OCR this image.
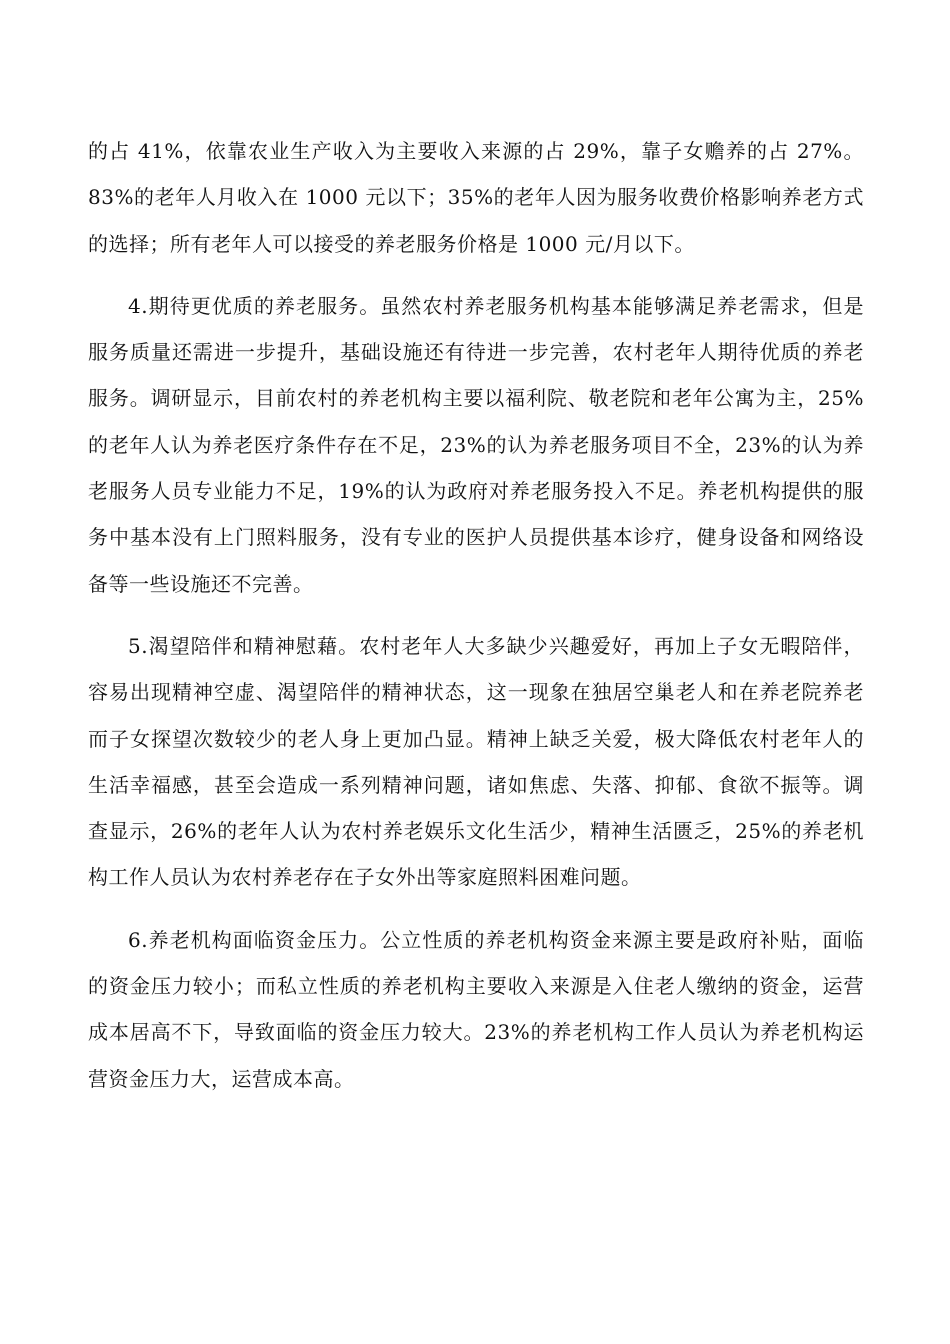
的占 41%，依靠农业生产收入为主要收入来源的占 29%，靠子女赡养的占 27%。83%的老年人月收入在 1000 元以下；35%的老年人因为服务收费价格影响养老方式的选择；所有老年人可以接受的养老服务价格是 1000 元/月以下。

4.期待更优质的养老服务。虽然农村养老服务机构基本能够满足养老需求，但是服务质量还需进一步提升，基础设施还有待进一步完善，农村老年人期待优质的养老服务。调研显示，目前农村的养老机构主要以福利院、敬老院和老年公寓为主，25%的老年人认为养老医疗条件存在不足，23%的认为养老服务项目不全，23%的认为养老服务人员专业能力不足，19%的认为政府对养老服务投入不足。养老机构提供的服务中基本没有上门照料服务，没有专业的医护人员提供基本诊疗，健身设备和网络设备等一些设施还不完善。

5.渴望陪伴和精神慰藉。农村老年人大多缺少兴趣爱好，再加上子女无暇陪伴，容易出现精神空虚、渴望陪伴的精神状态，这一现象在独居空巢老人和在养老院养老而子女探望次数较少的老人身上更加凸显。精神上缺乏关爱，极大降低农村老年人的生活幸福感，甚至会造成一系列精神问题，诸如焦虑、失落、抑郁、食欲不振等。调查显示，26%的老年人认为农村养老娱乐文化生活少，精神生活匮乏，25%的养老机构工作人员认为农村养老存在子女外出等家庭照料困难问题。

6.养老机构面临资金压力。公立性质的养老机构资金来源主要是政府补贴，面临的资金压力较小；而私立性质的养老机构主要收入来源是入住老人缴纳的资金，运营成本居高不下，导致面临的资金压力较大。23%的养老机构工作人员认为养老机构运营资金压力大，运营成本高。
